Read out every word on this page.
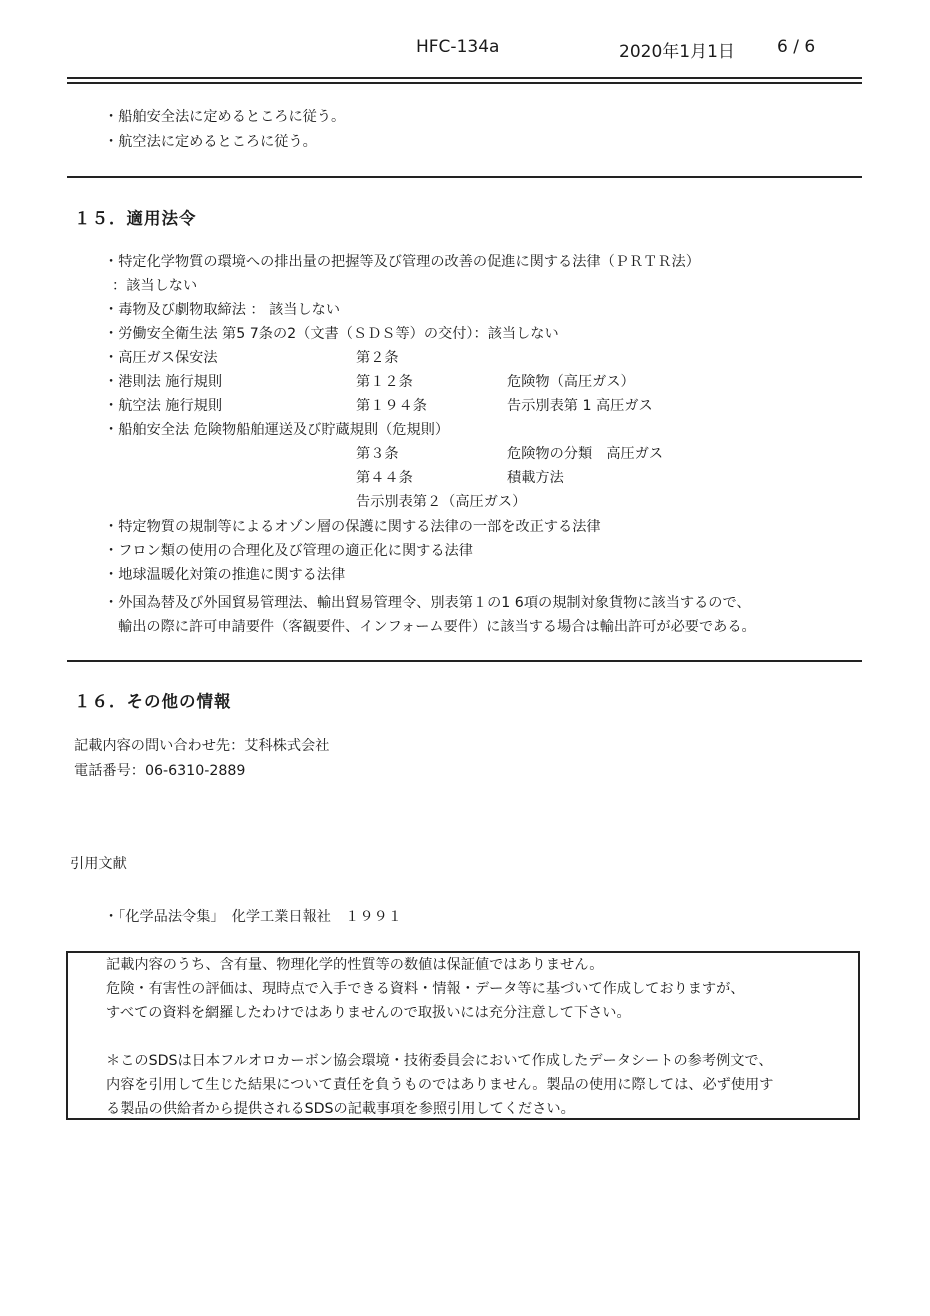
HFC-134a	2020年1月1日 6 / 6
・船舶安全法に定めるところに従う。
・航空法に定めるところに従う。
１５．適用法令
・特定化学物質の環境への排出量の把握等及び管理の改善の促進に関する法律（ＰＲＴＲ法）
：該当しない
・毒物及び劇物取締法 ： 該当しない
・労働安全衛生法 第5 7条の2（文書（ＳＤＳ等）の交付）：該当しない
・高圧ガス保安法	第２条
・港則法 施行規則	第１２条	危険物（高圧ガス）
・航空法 施行規則	第１９４条	告示別表第 1 高圧ガス
・船舶安全法 危険物船舶運送及び貯蔵規則（危規則）
第３条	危険物の分類　高圧ガス
第４４条	積載方法
告示別表第２（高圧ガス）
・特定物質の規制等によるオゾン層の保護に関する法律の一部を改正する法律
・フロン類の使用の合理化及び管理の適正化に関する法律
・地球温暖化対策の推進に関する法律
・外国為替及び外国貿易管理法、輸出貿易管理令、別表第１の1 6項の規制対象貨物に該当するので、
輸出の際に許可申請要件（客観要件、インフォーム要件）に該当する場合は輸出許可が必要である。
１６．その他の情報
記載内容の問い合わせ先：艾科株式会社
電話番号：06-6310-2889
引用文献
・「化学品法令集」　化学工業日報社　１９９１
記載内容のうち、含有量、物理化学的性質等の数値は保証値ではありません。
危険・有害性の評価は、現時点で入手できる資料・情報・データ等に基づいて作成しておりますが、
すべての資料を網羅したわけではありませんので取扱いには充分注意して下さい。
＊このSDSは日本フルオロカーボン協会環境・技術委員会において作成したデータシートの参考例文で、
内容を引用して生じた結果について責任を負うものではありません。製品の使用に際しては、必ず使用す
る製品の供給者から提供されるSDSの記載事項を参照引用してください。
